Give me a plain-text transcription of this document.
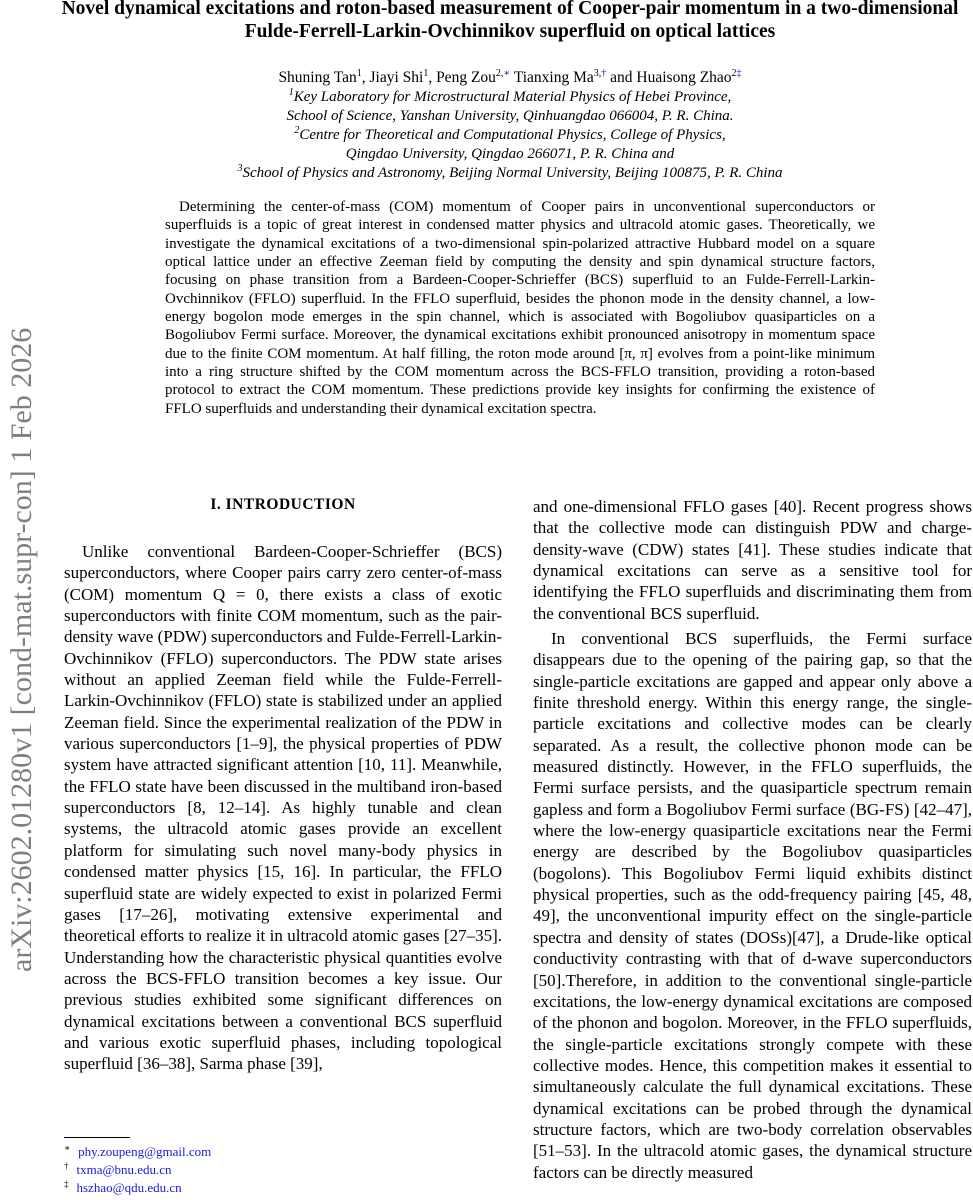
arXiv:2602.01280v1 [cond-mat.supr-con] 1 Feb 2026
Novel dynamical excitations and roton-based measurement of Cooper-pair momentum in a two-dimensional Fulde-Ferrell-Larkin-Ovchinnikov superfluid on optical lattices
Shuning Tan$^1$, Jiayi Shi$^1$, Peng Zou$^{2,∗}$ Tianxing $Ma^{3,\dagger}$ and Huaisong Zhao$^{2\ddagger}$
$^1$Key Laboratory for Microstructural Material Physics of Hebei Province,
School of Science, Yanshan University, Qinhuangdao 066004, P. R. China.
$^2$Centre for Theoretical and Computational Physics, College of Physics,
Qingdao University, Qingdao 266071, P. R. China and
$^3$School of Physics and Astronomy, Beijing Normal University, Beijing 100875, P. R. China

Determining the center-of-mass (COM) momentum of Cooper pairs in unconventional superconductors or superfluids is a topic of great interest in condensed matter physics and ultracold atomic gases. Theoretically, we investigate the dynamical excitations of a two-dimensional spin-polarized attractive Hubbard model on a square optical lattice under an effective Zeeman field by computing the density and spin dynamical structure factors, focusing on phase transition from a Bardeen-Cooper-Schrieffer (BCS) superfluid to an Fulde-Ferrell-Larkin-Ovchinnikov (FFLO) superfluid. In the FFLO superfluid, besides the phonon mode in the density channel, a low-energy bogolon mode emerges in the spin channel, which is associated with Bogoliubov quasiparticles on a Bogoliubov Fermi surface. Moreover, the dynamical excitations exhibit pronounced anisotropy in momentum space due to the finite COM momentum. At half filling, the roton mode around [π, π] evolves from a point-like minimum into a ring structure shifted by the COM momentum across the BCS-FFLO transition, providing a roton-based protocol to extract the COM momentum. These predictions provide key insights for confirming the existence of FFLO superfluids and understanding their dynamical excitation spectra.

I. INTRODUCTION

Unlike conventional Bardeen-Cooper-Schrieffer (BCS) superconductors, where Cooper pairs carry zero center-of-mass (COM) momentum Q = 0, there exists a class of exotic superconductors with finite COM momentum, such as the pair-density wave (PDW) superconductors and Fulde-Ferrell-Larkin-Ovchinnikov (FFLO) superconductors. The PDW state arises without an applied Zeeman field while the Fulde-Ferrell-Larkin-Ovchinnikov (FFLO) state is stabilized under an applied Zeeman field. Since the experimental realization of the PDW in various superconductors [1–9], the physical properties of PDW system have attracted significant attention [10, 11]. Meanwhile, the FFLO state have been discussed in the multiband iron-based superconductors [8, 12–14]. As highly tunable and clean systems, the ultracold atomic gases provide an excellent platform for simulating such novel many-body physics in condensed matter physics [15, 16]. In particular, the FFLO superfluid state are widely expected to exist in polarized Fermi gases [17–26], motivating extensive experimental and theoretical efforts to realize it in ultracold atomic gases [27–35]. Understanding how the characteristic physical quantities evolve across the BCS-FFLO transition becomes a key issue. Our previous studies exhibited some significant differences on dynamical excitations between a conventional BCS superfluid and various exotic superfluid phases, including topological superfluid [36–38], Sarma phase [39],

and one-dimensional FFLO gases [40]. Recent progress shows that the collective mode can distinguish PDW and charge-density-wave (CDW) states [41]. These studies indicate that dynamical excitations can serve as a sensitive tool for identifying the FFLO superfluids and discriminating them from the conventional BCS superfluid.

In conventional BCS superfluids, the Fermi surface disappears due to the opening of the pairing gap, so that the single-particle excitations are gapped and appear only above a finite threshold energy. Within this energy range, the single-particle excitations and collective modes can be clearly separated. As a result, the collective phonon mode can be measured distinctly. However, in the FFLO superfluids, the Fermi surface persists, and the quasiparticle spectrum remain gapless and form a Bogoliubov Fermi surface (BG-FS) [42–47], where the low-energy quasiparticle excitations near the Fermi energy are described by the Bogoliubov quasiparticles (bogolons). This Bogoliubov Fermi liquid exhibits distinct physical properties, such as the odd-frequency pairing [45, 48, 49], the unconventional impurity effect on the single-particle spectra and density of states (DOSs)[47], a Drude-like optical conductivity contrasting with that of d-wave superconductors [50].Therefore, in addition to the conventional single-particle excitations, the low-energy dynamical excitations are composed of the phonon and bogolon. Moreover, in the FFLO superfluids, the single-particle excitations strongly compete with these collective modes. Hence, this competition makes it essential to simultaneously calculate the full dynamical excitations. These dynamical excitations can be probed through the dynamical structure factors, which are two-body correlation observables [51–53]. In the ultracold atomic gases, the dynamical structure factors can be directly measured

∗ phy.zoupeng@gmail.com
† txma@bnu.edu.cn
‡ hszhao@qdu.edu.cn
